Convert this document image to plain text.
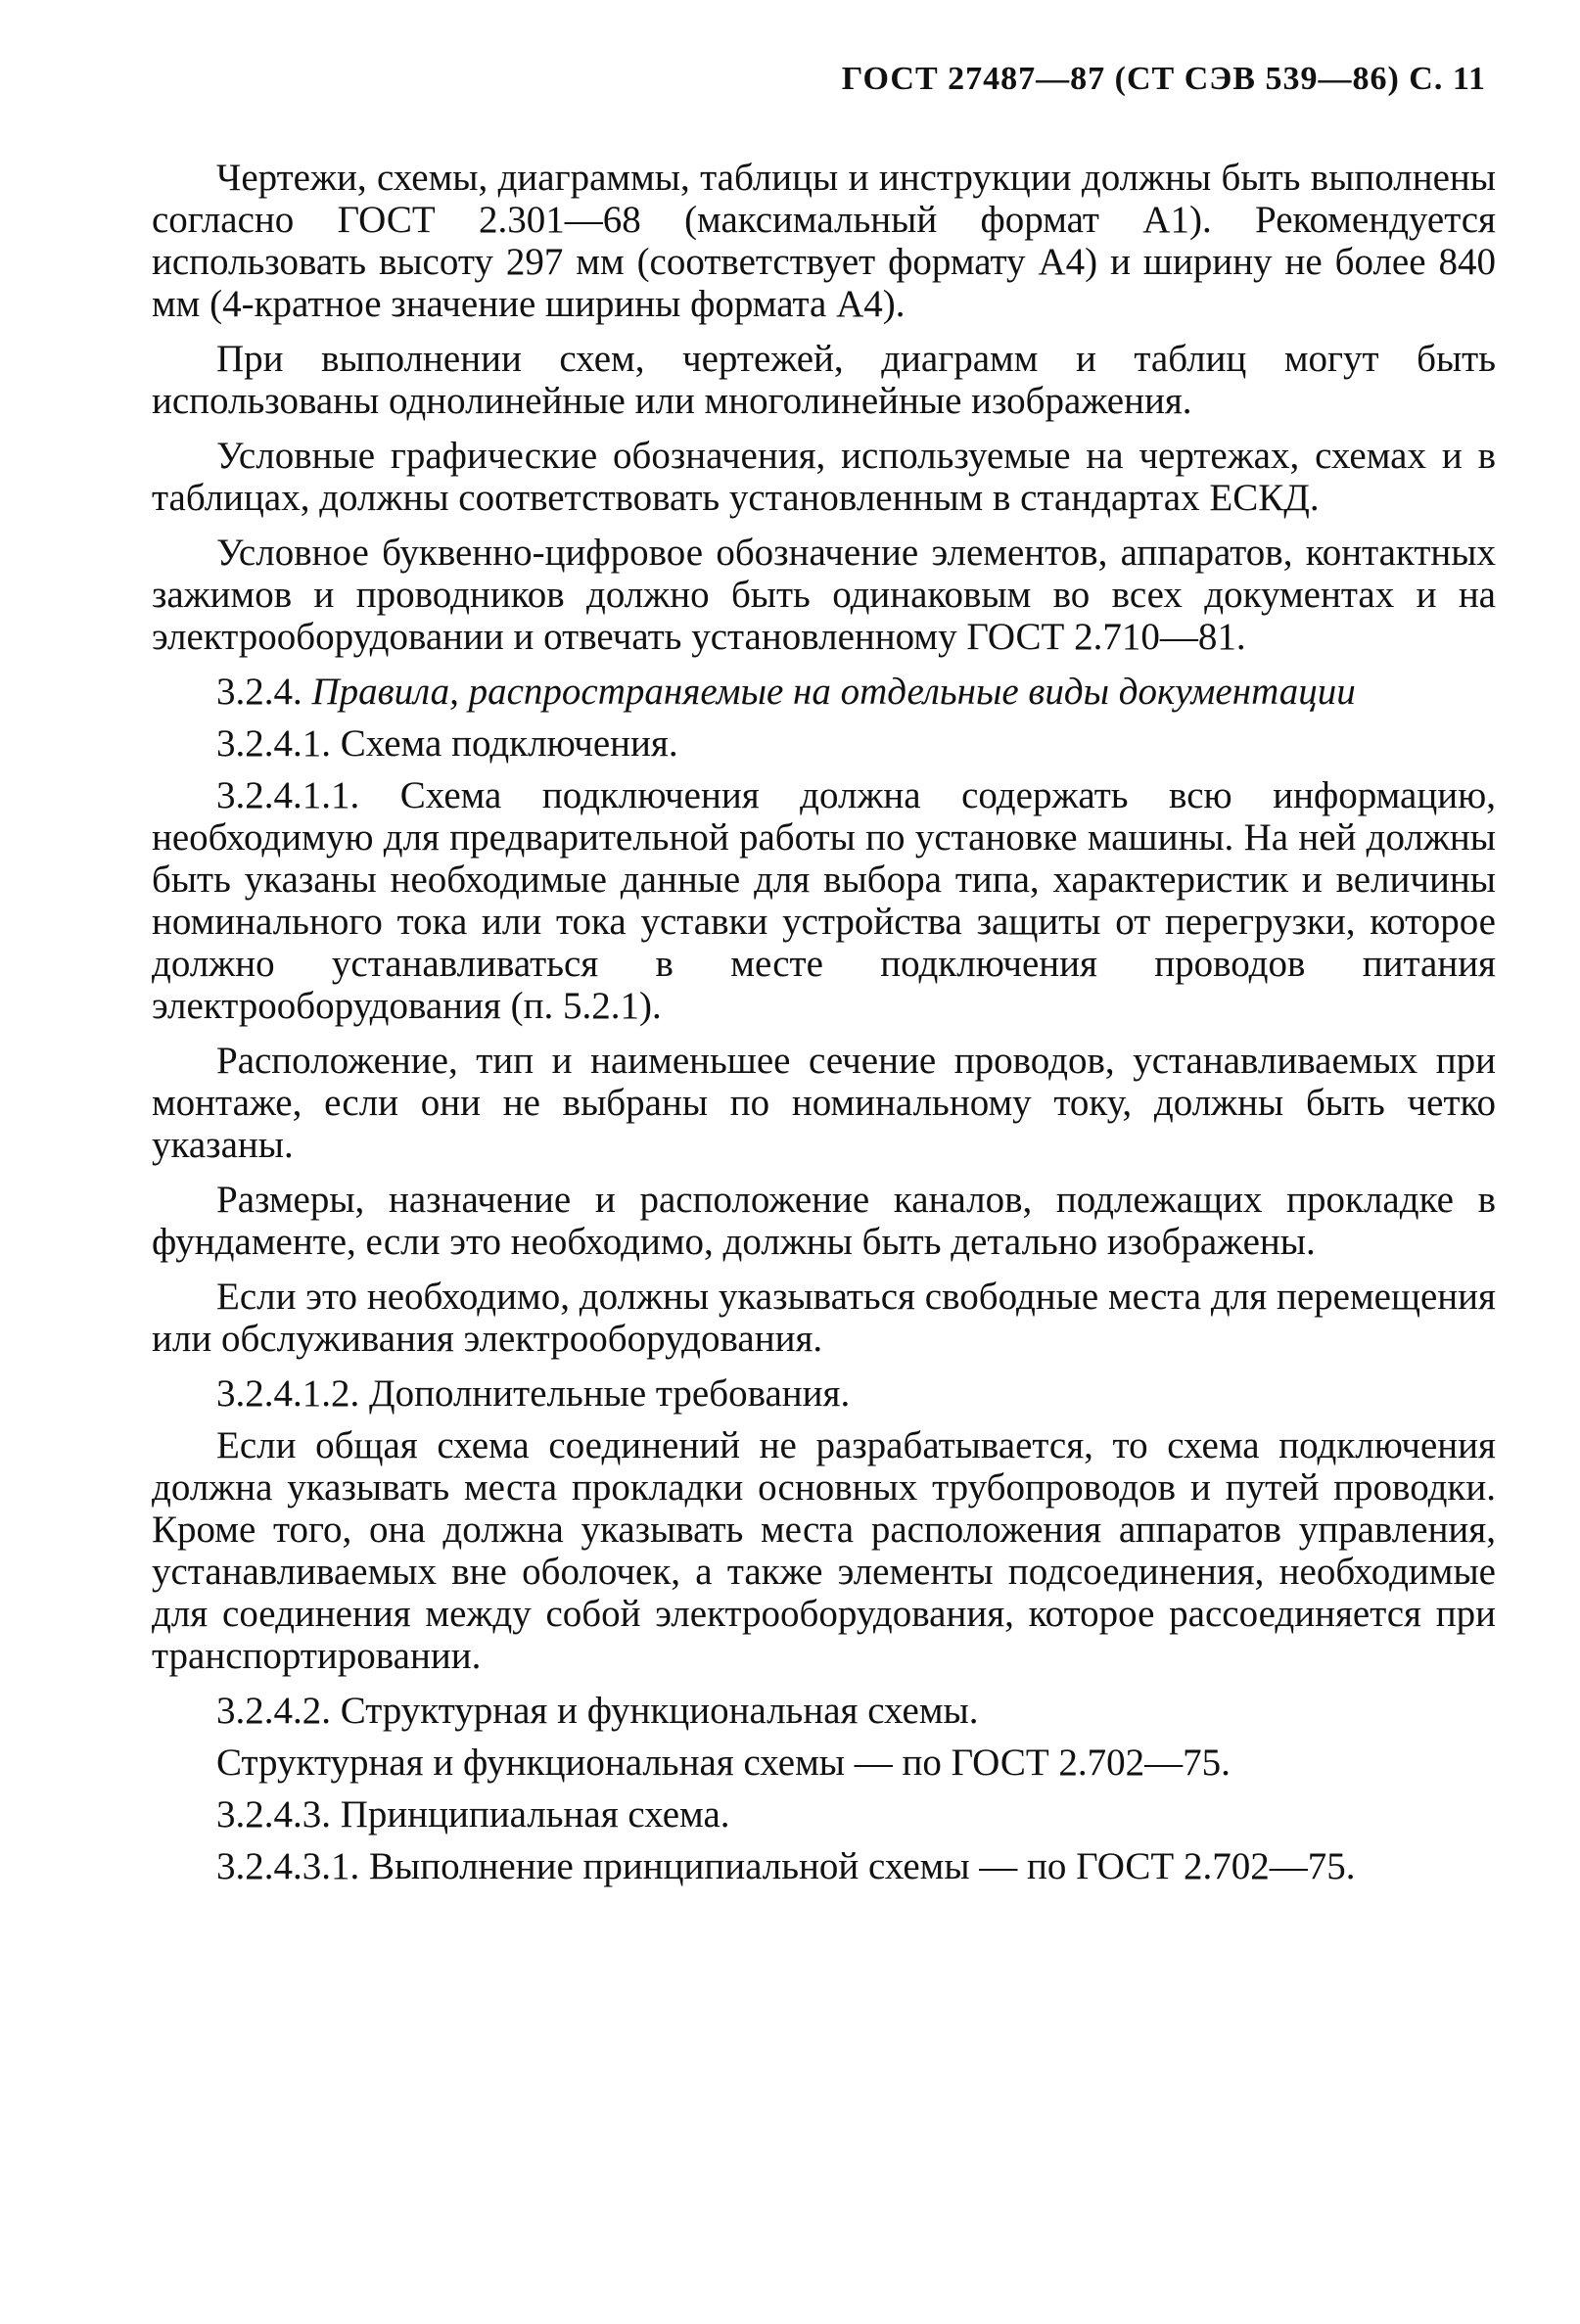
ГОСТ 27487—87 (СТ СЭВ 539—86) С. 11

Чертежи, схемы, диаграммы, таблицы и инструкции должны быть выполнены согласно ГОСТ 2.301—68 (максимальный формат А1). Рекомендуется использовать высоту 297 мм (соответствует формату А4) и ширину не более 840 мм (4-кратное значение ширины формата А4).

При выполнении схем, чертежей, диаграмм и таблиц могут быть использованы однолинейные или многолинейные изображения.

Условные графические обозначения, используемые на чертежах, схемах и в таблицах, должны соответствовать установленным в стандартах ЕСКД.

Условное буквенно-цифровое обозначение элементов, аппаратов, контактных зажимов и проводников должно быть одинаковым во всех документах и на электрооборудовании и отвечать установленному ГОСТ 2.710—81.

3.2.4. Правила, распространяемые на отдельные виды документации

3.2.4.1. Схема подключения.

3.2.4.1.1. Схема подключения должна содержать всю информацию, необходимую для предварительной работы по установке машины. На ней должны быть указаны необходимые данные для выбора типа, характеристик и величины номинального тока или тока уставки устройства защиты от перегрузки, которое должно устанавливаться в месте подключения проводов питания электрооборудования (п. 5.2.1).

Расположение, тип и наименьшее сечение проводов, устанавливаемых при монтаже, если они не выбраны по номинальному току, должны быть четко указаны.

Размеры, назначение и расположение каналов, подлежащих прокладке в фундаменте, если это необходимо, должны быть детально изображены.

Если это необходимо, должны указываться свободные места для перемещения или обслуживания электрооборудования.

3.2.4.1.2. Дополнительные требования.

Если общая схема соединений не разрабатывается, то схема подключения должна указывать места прокладки основных трубопроводов и путей проводки. Кроме того, она должна указывать места расположения аппаратов управления, устанавливаемых вне оболочек, а также элементы подсоединения, необходимые для соединения между собой электрооборудования, которое рассоединяется при транспортировании.

3.2.4.2. Структурная и функциональная схемы.

Структурная и функциональная схемы — по ГОСТ 2.702—75.

3.2.4.3. Принципиальная схема.

3.2.4.3.1. Выполнение принципиальной схемы — по ГОСТ 2.702—75.
